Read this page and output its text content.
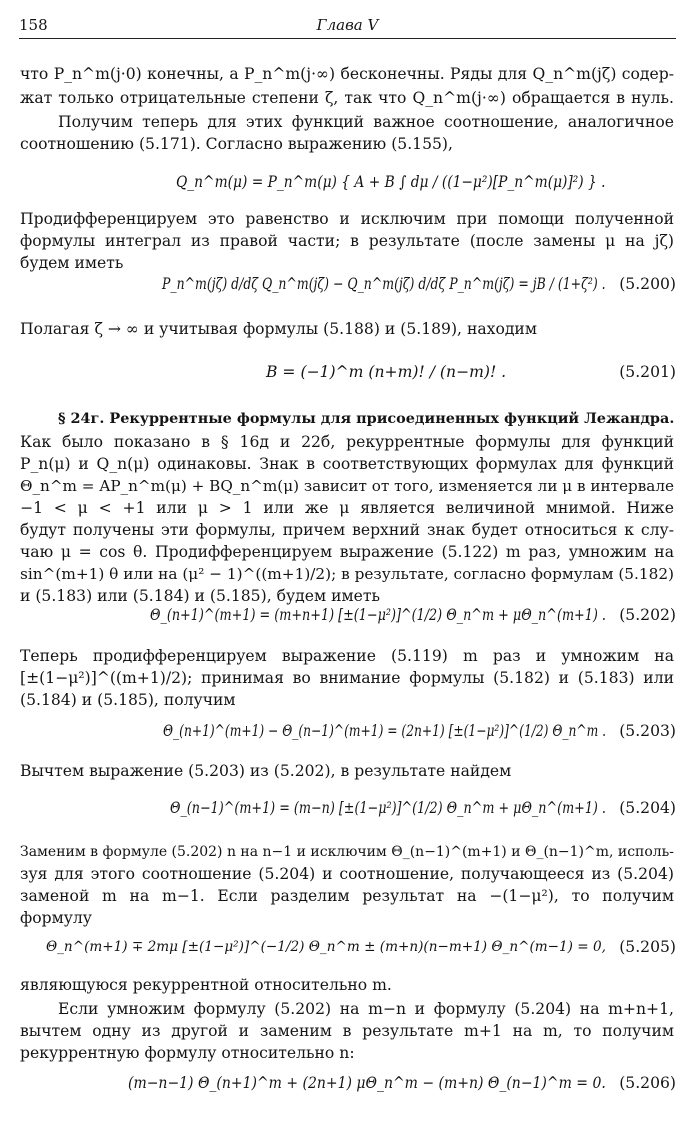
158	Глава V
что P_n^m(j·0) конечны, а P_n^m(j·∞) бесконечны. Ряды для Q_n^m(jζ) содер-
жат только отрицательные степени ζ, так что Q_n^m(j·∞) обращается в нуль.
Получим теперь для этих функций важное соотношение, аналогичное
соотношению (5.171). Согласно выражению (5.155),
Q_n^m(μ) = P_n^m(μ) { A + B ∫ dμ / ((1−μ²)[P_n^m(μ)]²) } .
Продифференцируем это равенство и исключим при помощи полученной
формулы интеграл из правой части; в результате (после замены μ на jζ)
будем иметь
P_n^m(jζ) d/dζ Q_n^m(jζ) − Q_n^m(jζ) d/dζ P_n^m(jζ) = jB / (1+ζ²) . (5.200)
Полагая ζ → ∞ и учитывая формулы (5.188) и (5.189), находим
B = (−1)^m (n+m)! / (n−m)! .	(5.201)
§ 24г. Рекуррентные формулы для присоединенных функций Лежандра.
Как было показано в § 16д и 22б, рекуррентные формулы для функций
P_n(μ) и Q_n(μ) одинаковы. Знак в соответствующих формулах для функций
Θ_n^m = AP_n^m(μ) + BQ_n^m(μ) зависит от того, изменяется ли μ в интервале
−1 < μ < +1 или μ > 1 или же μ является величиной мнимой. Ниже
будут получены эти формулы, причем верхний знак будет относиться к слу-
чаю μ = cos θ. Продифференцируем выражение (5.122) m раз, умножим на
sin^(m+1) θ или на (μ² − 1)^((m+1)/2); в результате, согласно формулам (5.182)
и (5.183) или (5.184) и (5.185), будем иметь
Θ_(n+1)^(m+1) = (m+n+1) [±(1−μ²)]^(1/2) Θ_n^m + μΘ_n^(m+1) . (5.202)
Теперь продифференцируем выражение (5.119) m раз и умножим на
[±(1−μ²)]^((m+1)/2); принимая во внимание формулы (5.182) и (5.183) или
(5.184) и (5.185), получим
Θ_(n+1)^(m+1) − Θ_(n−1)^(m+1) = (2n+1) [±(1−μ²)]^(1/2) Θ_n^m . (5.203)
Вычтем выражение (5.203) из (5.202), в результате найдем
Θ_(n−1)^(m+1) = (m−n) [±(1−μ²)]^(1/2) Θ_n^m + μΘ_n^(m+1) . (5.204)
Заменим в формуле (5.202) n на n−1 и исключим Θ_(n−1)^(m+1) и Θ_(n−1)^m, исполь-
зуя для этого соотношение (5.204) и соотношение, получающееся из (5.204)
заменой m на m−1. Если разделим результат на −(1−μ²), то получим
формулу
Θ_n^(m+1) ∓ 2mμ [±(1−μ²)]^(−1/2) Θ_n^m ± (m+n)(n−m+1) Θ_n^(m−1) = 0, (5.205)
являющуюся рекуррентной относительно m.
Если умножим формулу (5.202) на m−n и формулу (5.204) на m+n+1,
вычтем одну из другой и заменим в результате m+1 на m, то получим
рекуррентную формулу относительно n:
(m−n−1) Θ_(n+1)^m + (2n+1) μΘ_n^m − (m+n) Θ_(n−1)^m = 0. (5.206)
